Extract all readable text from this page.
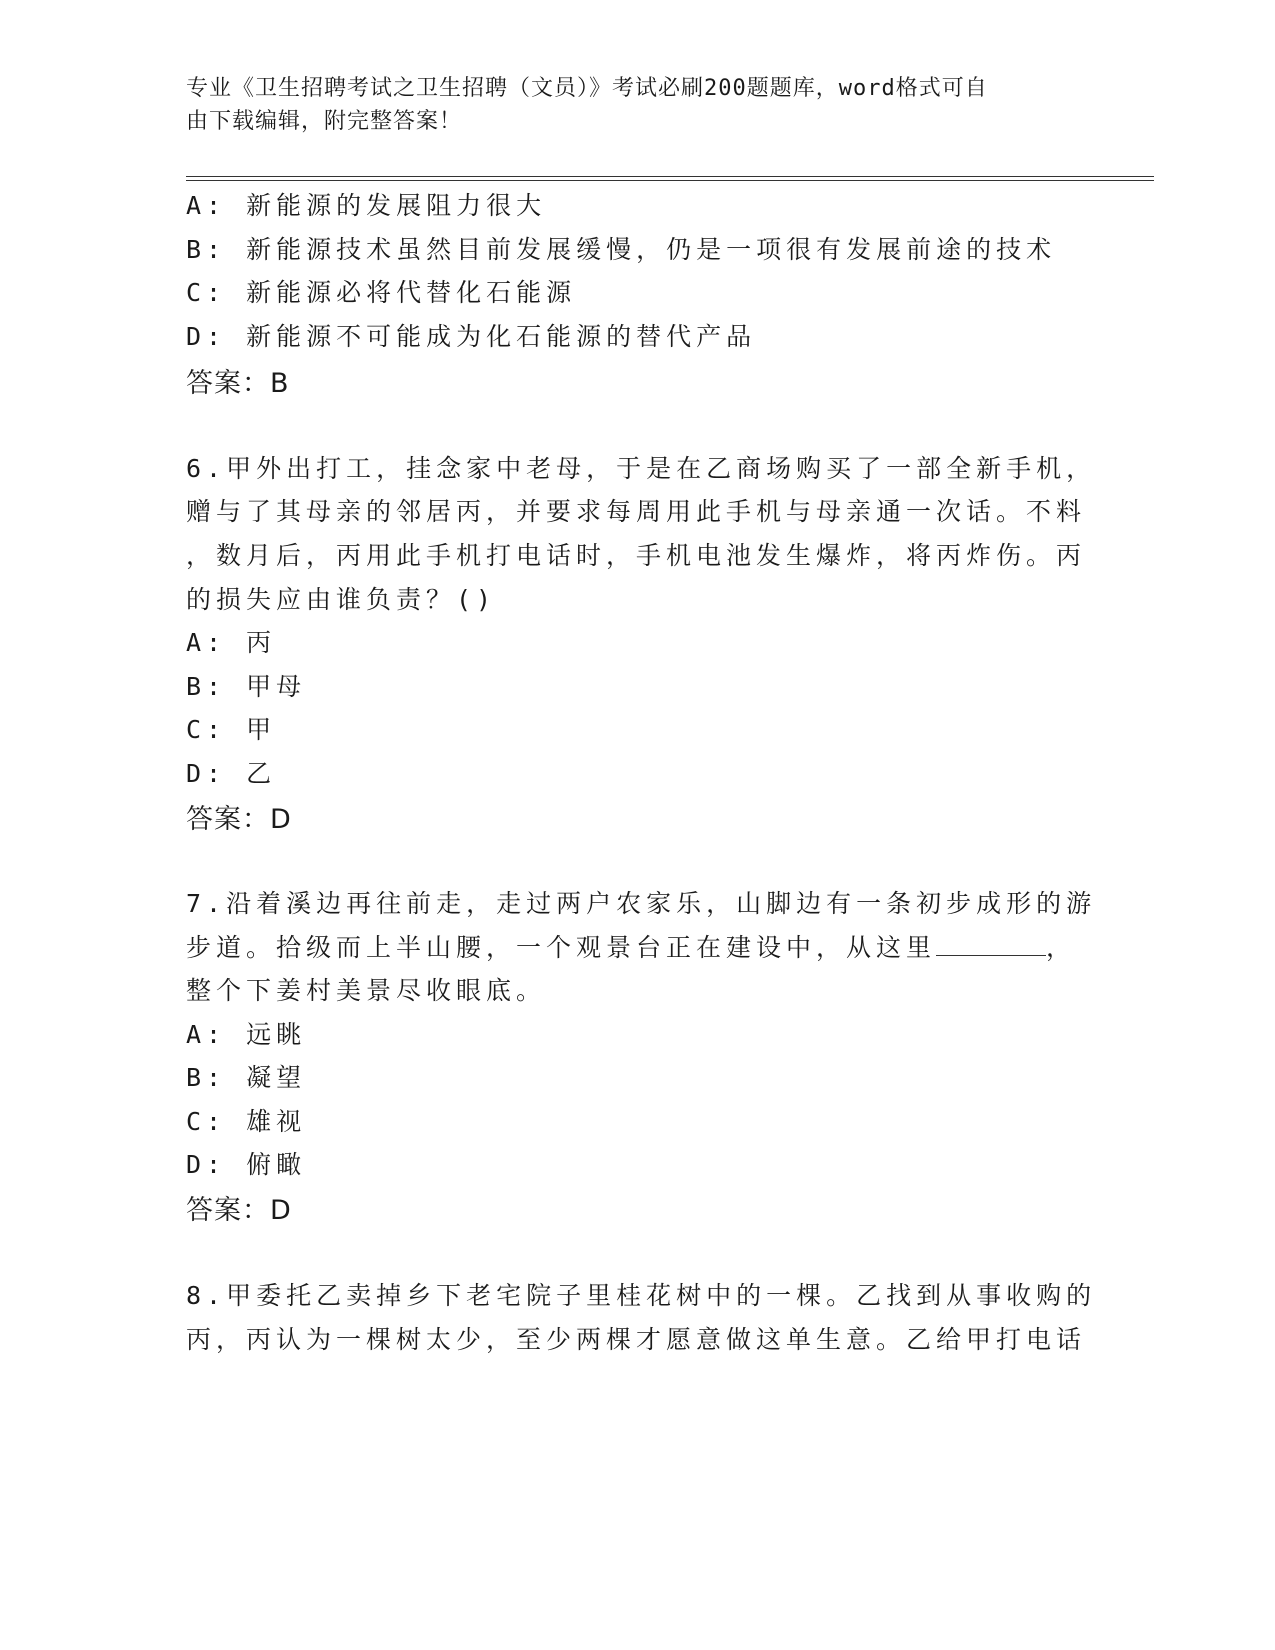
专业《卫生招聘考试之卫生招聘（文员）》考试必刷200题题库，word格式可自
由下载编辑，附完整答案！
A: 新能源的发展阻力很大
B: 新能源技术虽然目前发展缓慢，仍是一项很有发展前途的技术
C: 新能源必将代替化石能源
D: 新能源不可能成为化石能源的替代产品
答案：B
6.甲外出打工，挂念家中老母，于是在乙商场购买了一部全新手机，
赠与了其母亲的邻居丙，并要求每周用此手机与母亲通一次话。不料
，数月后，丙用此手机打电话时，手机电池发生爆炸，将丙炸伤。丙
的损失应由谁负责？()
A: 丙
B: 甲母
C: 甲
D: 乙
答案：D
7.沿着溪边再往前走，走过两户农家乐，山脚边有一条初步成形的游
步道。拾级而上半山腰，一个观景台正在建设中，从这里	，
整个下姜村美景尽收眼底。
A: 远眺
B: 凝望
C: 雄视
D: 俯瞰
答案：D
8.甲委托乙卖掉乡下老宅院子里桂花树中的一棵。乙找到从事收购的
丙，丙认为一棵树太少，至少两棵才愿意做这单生意。乙给甲打电话
